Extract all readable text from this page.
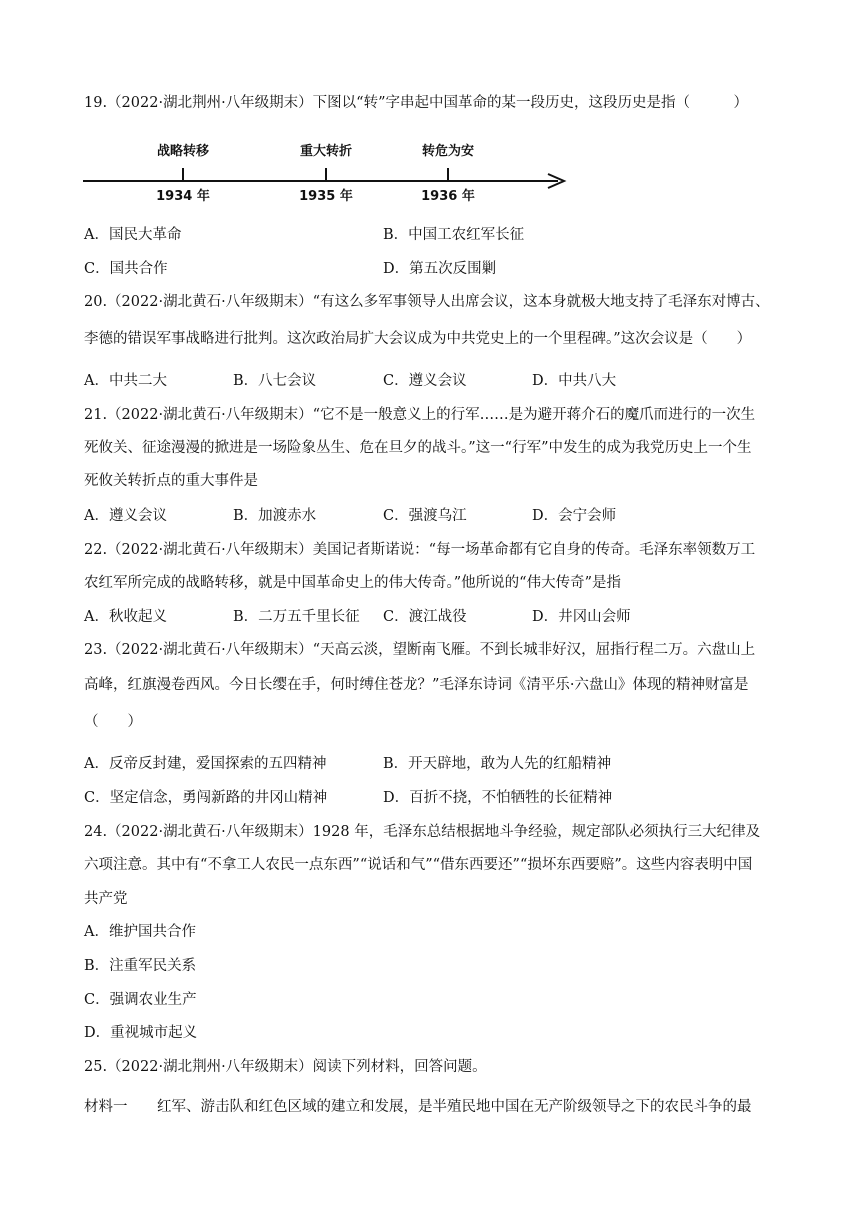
19.（2022·湖北荆州·八年级期末）下图以“转”字串起中国革命的某一段历史，这段历史是指（　　　）
战略转移	重大转折	转危为安
1934 年	1935 年	1936 年
A．国民大革命	B．中国工农红军长征
C．国共合作	D．第五次反围剿
20.（2022·湖北黄石·八年级期末）“有这么多军事领导人出席会议，这本身就极大地支持了毛泽东对博古、
李德的错误军事战略进行批判。这次政治局扩大会议成为中共党史上的一个里程碑。”这次会议是（　　）
A．中共二大	B．八七会议	C．遵义会议	D．中共八大
21.（2022·湖北黄石·八年级期末）“它不是一般意义上的行军……是为避开蒋介石的魔爪而进行的一次生
死攸关、征途漫漫的掀进是一场险象丛生、危在旦夕的战斗。”这一“行军”中发生的成为我党历史上一个生
死攸关转折点的重大事件是
A．遵义会议	B．加渡赤水	C．强渡乌江	D．会宁会师
22.（2022·湖北黄石·八年级期末）美国记者斯诺说：“每一场革命都有它自身的传奇。毛泽东率领数万工
农红军所完成的战略转移，就是中国革命史上的伟大传奇。”他所说的“伟大传奇”是指
A．秋收起义	B．二万五千里长征 C．渡江战役	D．井冈山会师
23.（2022·湖北黄石·八年级期末）“天高云淡，望断南飞雁。不到长城非好汉，屈指行程二万。六盘山上
高峰，红旗漫卷西风。今日长缨在手，何时缚住苍龙？”毛泽东诗词《清平乐·六盘山》体现的精神财富是
（　　）
A．反帝反封建，爱国探索的五四精神	B．开天辟地，敢为人先的红船精神
C．坚定信念，勇闯新路的井冈山精神	D．百折不挠，不怕牺牲的长征精神
24.（2022·湖北黄石·八年级期末）1928 年，毛泽东总结根据地斗争经验，规定部队必须执行三大纪律及
六项注意。其中有“不拿工人农民一点东西”“说话和气”“借东西要还”“损坏东西要赔”。这些内容表明中国
共产党
A．维护国共合作
B．注重军民关系
C．强调农业生产
D．重视城市起义
25.（2022·湖北荆州·八年级期末）阅读下列材料，回答问题。
材料一 红军、游击队和红色区域的建立和发展，是半殖民地中国在无产阶级领导之下的农民斗争的最
